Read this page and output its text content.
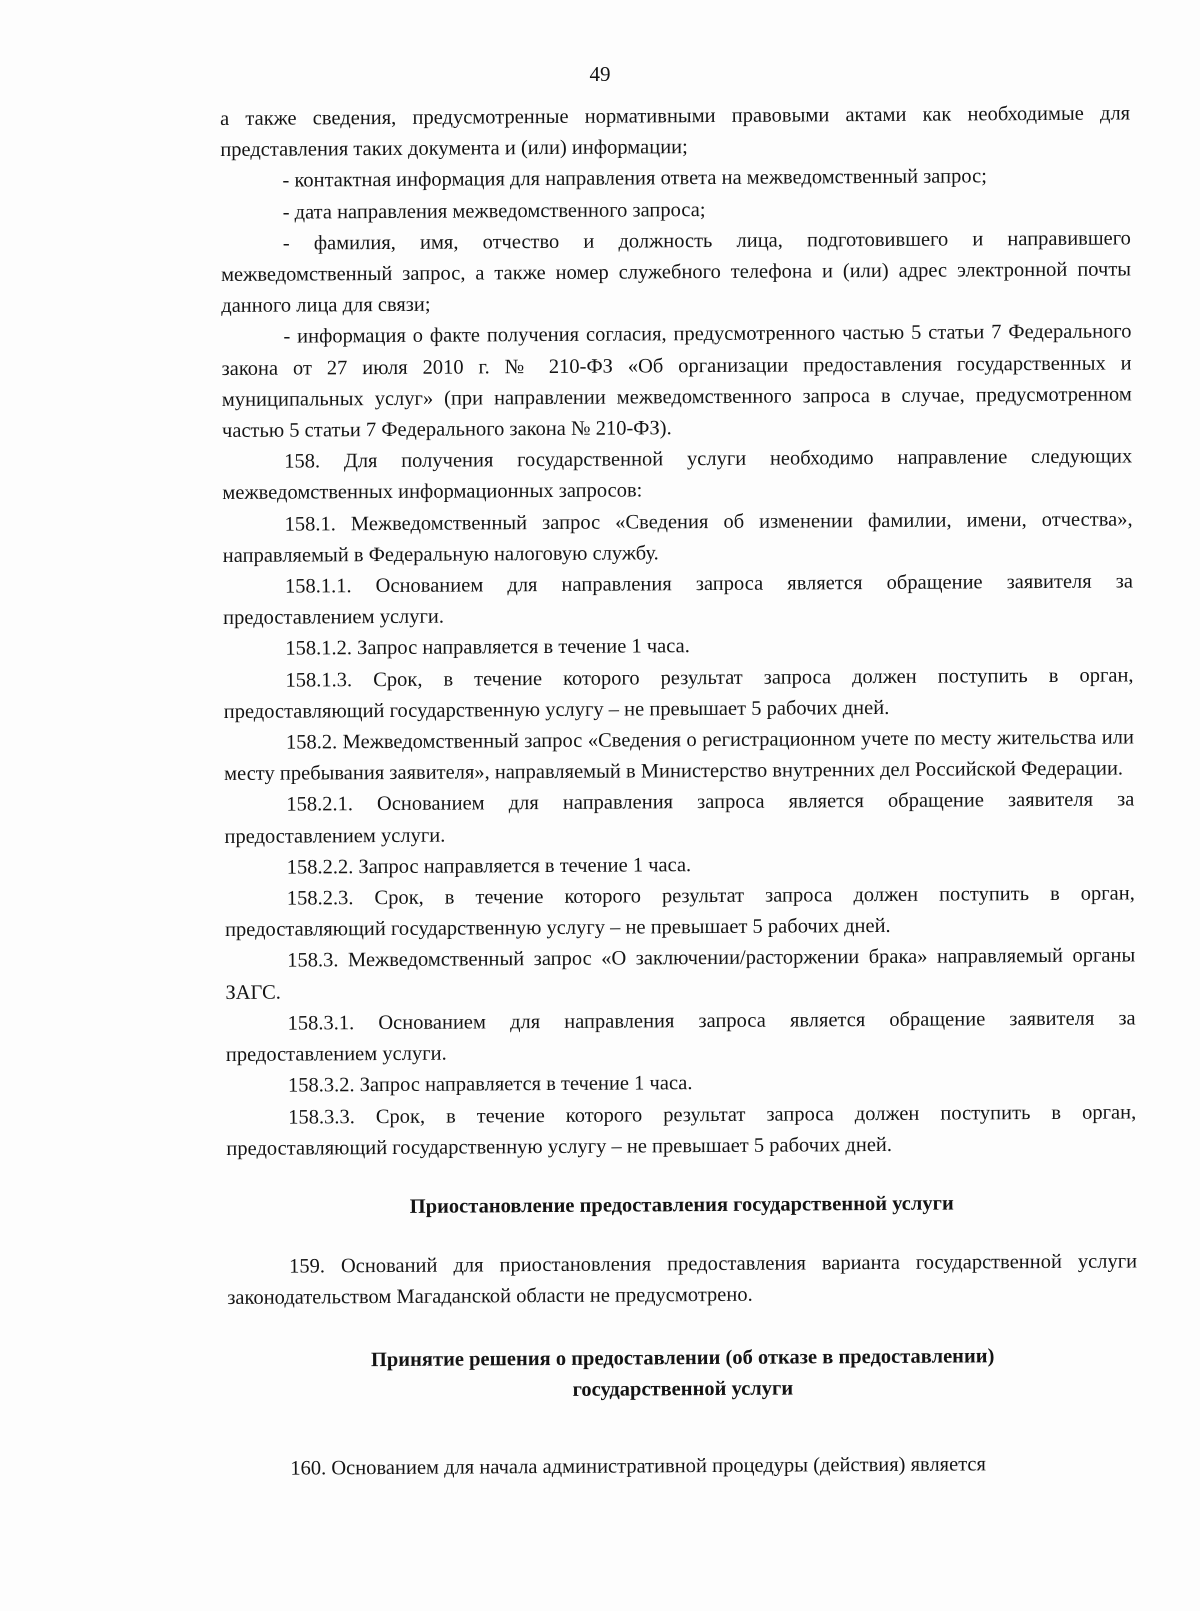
49

а также сведения, предусмотренные нормативными правовыми актами как необходимые для представления таких документа и (или) информации;

- контактная информация для направления ответа на межведомственный запрос;

- дата направления межведомственного запроса;

- фамилия, имя, отчество и должность лица, подготовившего и направившего межведомственный запрос, а также номер служебного телефона и (или) адрес электронной почты данного лица для связи;

- информация о факте получения согласия, предусмотренного частью 5 статьи 7 Федерального закона от 27 июля 2010 г. № 210-ФЗ «Об организации предоставления государственных и муниципальных услуг» (при направлении межведомственного запроса в случае, предусмотренном частью 5 статьи 7 Федерального закона № 210-ФЗ).

158. Для получения государственной услуги необходимо направление следующих межведомственных информационных запросов:

158.1. Межведомственный запрос «Сведения об изменении фамилии, имени, отчества», направляемый в Федеральную налоговую службу.

158.1.1. Основанием для направления запроса является обращение заявителя за предоставлением услуги.

158.1.2. Запрос направляется в течение 1 часа.

158.1.3. Срок, в течение которого результат запроса должен поступить в орган, предоставляющий государственную услугу – не превышает 5 рабочих дней.

158.2. Межведомственный запрос «Сведения о регистрационном учете по месту жительства или месту пребывания заявителя», направляемый в Министерство внутренних дел Российской Федерации.

158.2.1. Основанием для направления запроса является обращение заявителя за предоставлением услуги.

158.2.2. Запрос направляется в течение 1 часа.

158.2.3. Срок, в течение которого результат запроса должен поступить в орган, предоставляющий государственную услугу – не превышает 5 рабочих дней.

158.3. Межведомственный запрос «О заключении/расторжении брака» направляемый органы ЗАГС.

158.3.1. Основанием для направления запроса является обращение заявителя за предоставлением услуги.

158.3.2. Запрос направляется в течение 1 часа.

158.3.3. Срок, в течение которого результат запроса должен поступить в орган, предоставляющий государственную услугу – не превышает 5 рабочих дней.

Приостановление предоставления государственной услуги

159. Оснований для приостановления предоставления варианта государственной услуги законодательством Магаданской области не предусмотрено.

Принятие решения о предоставлении (об отказе в предоставлении)
государственной услуги

160. Основанием для начала административной процедуры (действия) является
